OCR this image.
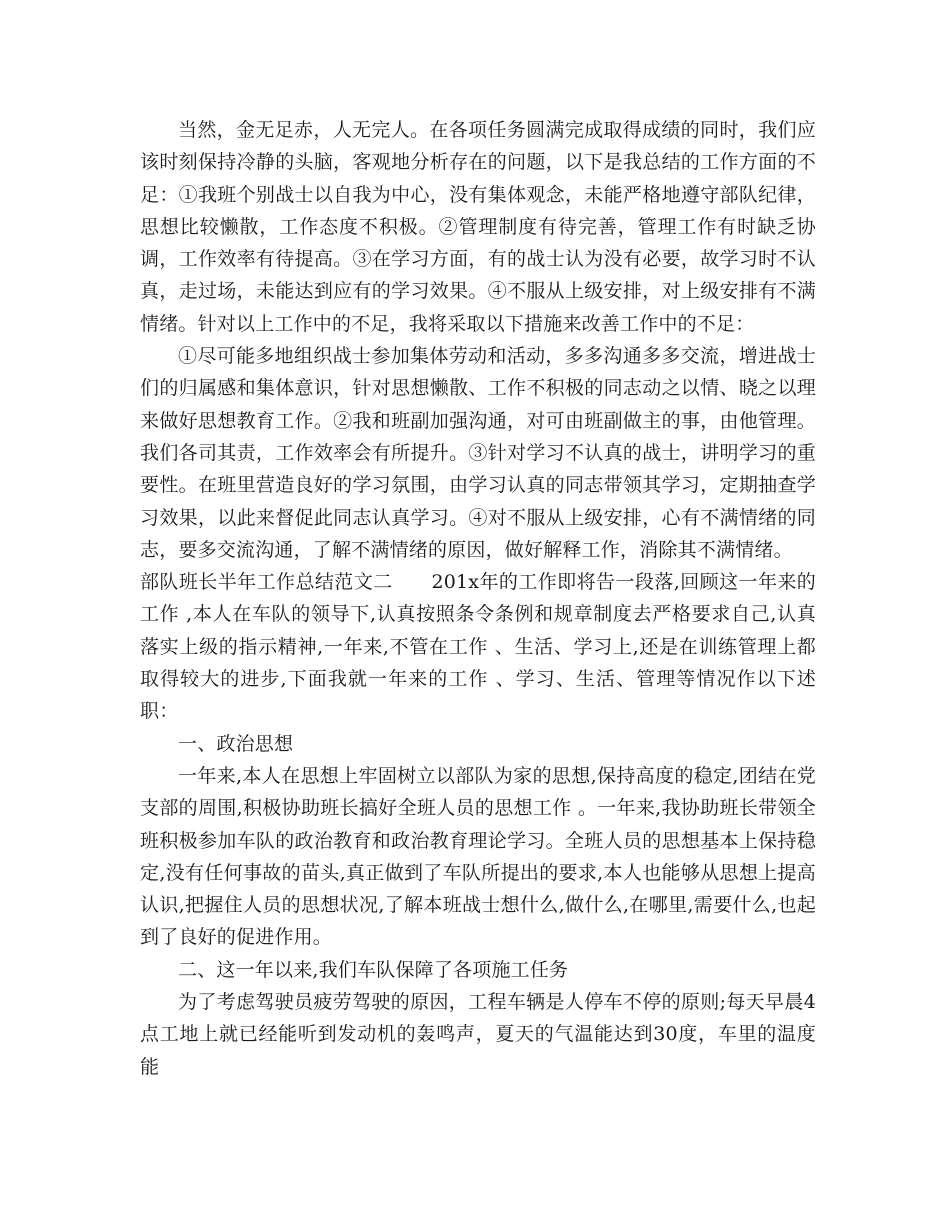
当然，金无足赤，人无完人。在各项任务圆满完成取得成绩的同时，我们应该时刻保持冷静的头脑，客观地分析存在的问题，以下是我总结的工作方面的不足：①我班个别战士以自我为中心，没有集体观念，未能严格地遵守部队纪律，思想比较懒散，工作态度不积极。②管理制度有待完善，管理工作有时缺乏协调，工作效率有待提高。③在学习方面，有的战士认为没有必要，故学习时不认真，走过场，未能达到应有的学习效果。④不服从上级安排，对上级安排有不满情绪。针对以上工作中的不足，我将采取以下措施来改善工作中的不足：

①尽可能多地组织战士参加集体劳动和活动，多多沟通多多交流，增进战士们的归属感和集体意识，针对思想懒散、工作不积极的同志动之以情、晓之以理来做好思想教育工作。②我和班副加强沟通，对可由班副做主的事，由他管理。我们各司其责，工作效率会有所提升。③针对学习不认真的战士，讲明学习的重要性。在班里营造良好的学习氛围，由学习认真的同志带领其学习，定期抽查学习效果，以此来督促此同志认真学习。④对不服从上级安排，心有不满情绪的同志，要多交流沟通，了解不满情绪的原因，做好解释工作，消除其不满情绪。

部队班长半年工作总结范文二　　201x年的工作即将告一段落,回顾这一年来的工作 ,本人在车队的领导下,认真按照条令条例和规章制度去严格要求自己,认真落实上级的指示精神,一年来,不管在工作 、生活、学习上,还是在训练管理上都取得较大的进步,下面我就一年来的工作 、学习、生活、管理等情况作以下述职：

一、政治思想

一年来,本人在思想上牢固树立以部队为家的思想,保持高度的稳定,团结在党支部的周围,积极协助班长搞好全班人员的思想工作 。一年来,我协助班长带领全班积极参加车队的政治教育和政治教育理论学习。全班人员的思想基本上保持稳定,没有任何事故的苗头,真正做到了车队所提出的要求,本人也能够从思想上提高认识,把握住人员的思想状况,了解本班战士想什么,做什么,在哪里,需要什么,也起到了良好的促进作用。

二、这一年以来,我们车队保障了各项施工任务

为了考虑驾驶员疲劳驾驶的原因，工程车辆是人停车不停的原则;每天早晨4点工地上就已经能听到发动机的轰鸣声，夏天的气温能达到30度，车里的温度能
